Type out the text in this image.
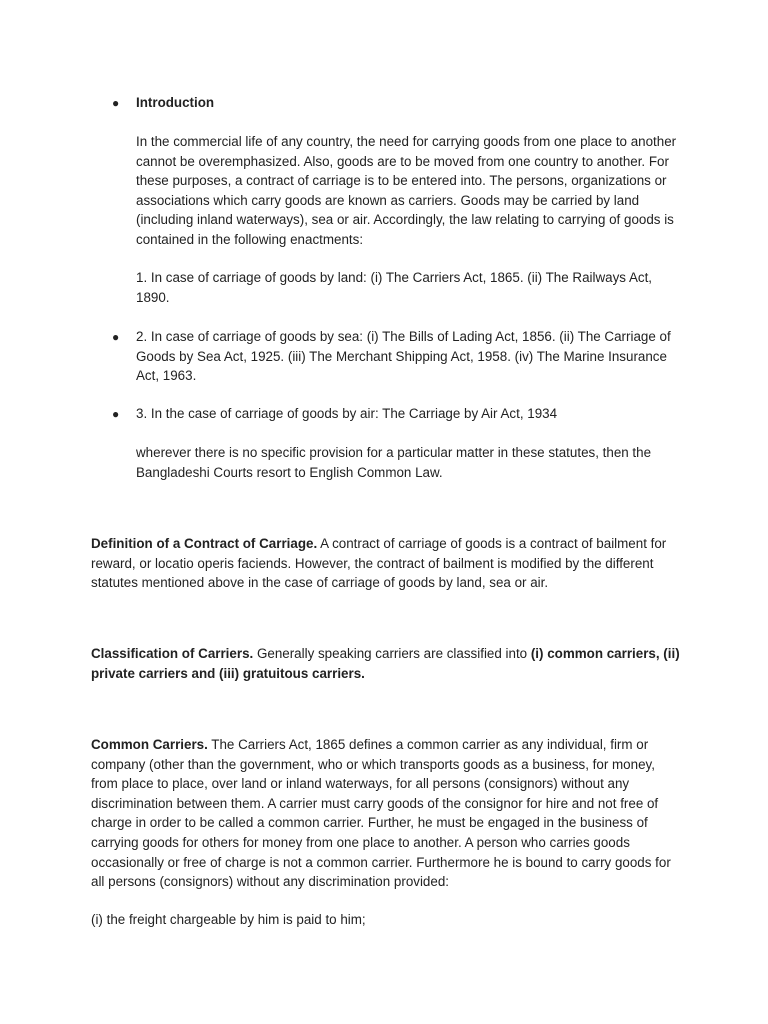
● Introduction

In the commercial life of any country, the need for carrying goods from one place to another cannot be overemphasized. Also, goods are to be moved from one country to another. For these purposes, a contract of carriage is to be entered into. The persons, organizations or associations which carry goods are known as carriers. Goods may be carried by land (including inland waterways), sea or air. Accordingly, the law relating to carrying of goods is contained in the following enactments:

1. In case of carriage of goods by land: (i) The Carriers Act, 1865. (ii) The Railways Act, 1890.

● 2. In case of carriage of goods by sea: (i) The Bills of Lading Act, 1856. (ii) The Carriage of Goods by Sea Act, 1925. (iii) The Merchant Shipping Act, 1958. (iv) The Marine Insurance Act, 1963.

● 3. In the case of carriage of goods by air: The Carriage by Air Act, 1934

wherever there is no specific provision for a particular matter in these statutes, then the Bangladeshi Courts resort to English Common Law.

Definition of a Contract of Carriage. A contract of carriage of goods is a contract of bailment for reward, or locatio operis faciends. However, the contract of bailment is modified by the different statutes mentioned above in the case of carriage of goods by land, sea or air.

Classification of Carriers. Generally speaking carriers are classified into (i) common carriers, (ii) private carriers and (iii) gratuitous carriers.

Common Carriers. The Carriers Act, 1865 defines a common carrier as any individual, firm or company (other than the government, who or which transports goods as a business, for money, from place to place, over land or inland waterways, for all persons (consignors) without any discrimination between them. A carrier must carry goods of the consignor for hire and not free of charge in order to be called a common carrier. Further, he must be engaged in the business of carrying goods for others for money from one place to another. A person who carries goods occasionally or free of charge is not a common carrier. Furthermore he is bound to carry goods for all persons (consignors) without any discrimination provided:

(i) the freight chargeable by him is paid to him;
